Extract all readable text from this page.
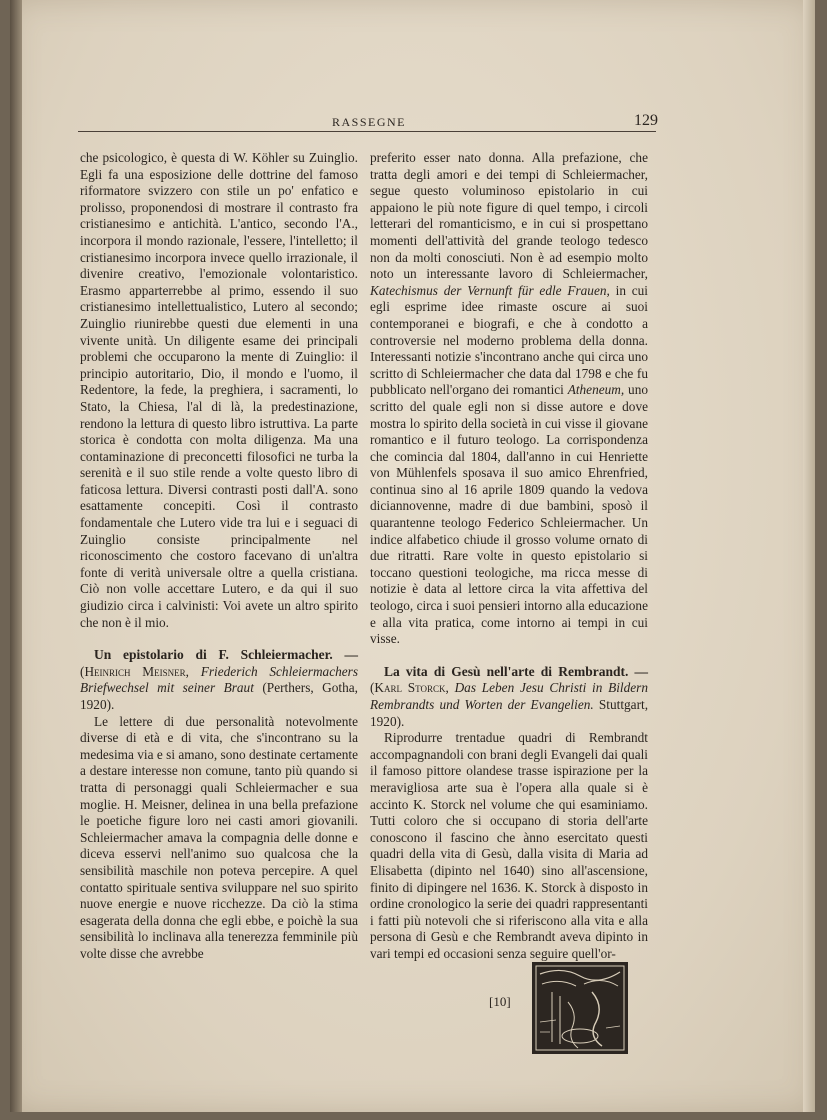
RASSEGNE	129

che psicologico, è questa di W. Köhler su Zuinglio. Egli fa una esposizione delle dottrine del famoso riformatore svizzero con stile un po' enfatico e prolisso, proponendosi di mostrare il contrasto fra cristianesimo e antichità. L'antico, secondo l'A., incorpora il mondo razionale, l'essere, l'intelletto; il cristianesimo incorpora invece quello irrazionale, il divenire creativo, l'emozionale volontaristico. Erasmo apparterrebbe al primo, essendo il suo cristianesimo intellettualistico, Lutero al secondo; Zuinglio riunirebbe questi due elementi in una vivente unità. Un diligente esame dei principali problemi che occuparono la mente di Zuinglio: il principio autoritario, Dio, il mondo e l'uomo, il Redentore, la fede, la preghiera, i sacramenti, lo Stato, la Chiesa, l'al di là, la predestinazione, rendono la lettura di questo libro istruttiva. La parte storica è condotta con molta diligenza. Ma una contaminazione di preconcetti filosofici ne turba la serenità e il suo stile rende a volte questo libro di faticosa lettura. Diversi contrasti posti dall'A. sono esattamente concepiti. Così il contrasto fondamentale che Lutero vide tra lui e i seguaci di Zuinglio consiste principalmente nel riconoscimento che costoro facevano di un'altra fonte di verità universale oltre a quella cristiana. Ciò non volle accettare Lutero, e da qui il suo giudizio circa i calvinisti: Voi avete un altro spirito che non è il mio.

Un epistolario di F. Schleiermacher. — (Heinrich Meisner, Friederich Schleiermachers Briefwechsel mit seiner Braut (Perthers, Gotha, 1920).

Le lettere di due personalità notevolmente diverse di età e di vita, che s'incontrano su la medesima via e si amano, sono destinate certamente a destare interesse non comune, tanto più quando si tratta di personaggi quali Schleiermacher e sua moglie. H. Meisner, delinea in una bella prefazione le poetiche figure loro nei casti amori giovanili. Schleiermacher amava la compagnia delle donne e diceva esservi nell'animo suo qualcosa che la sensibilità maschile non poteva percepire. A quel contatto spirituale sentiva sviluppare nel suo spirito nuove energie e nuove ricchezze. Da ciò la stima esagerata della donna che egli ebbe, e poichè la sua sensibilità lo inclinava alla tenerezza femminile più volte disse che avrebbe

preferito esser nato donna. Alla prefazione, che tratta degli amori e dei tempi di Schleiermacher, segue questo voluminoso epistolario in cui appaiono le più note figure di quel tempo, i circoli letterari del romanticismo, e in cui si prospettano momenti dell'attività del grande teologo tedesco non da molti conosciuti. Non è ad esempio molto noto un interessante lavoro di Schleiermacher, Katechismus der Vernunft für edle Frauen, in cui egli esprime idee rimaste oscure ai suoi contemporanei e biografi, e che à condotto a controversie nel moderno problema della donna. Interessanti notizie s'incontrano anche qui circa uno scritto di Schleiermacher che data dal 1798 e che fu pubblicato nell'organo dei romantici Atheneum, uno scritto del quale egli non si disse autore e dove mostra lo spirito della società in cui visse il giovane romantico e il futuro teologo. La corrispondenza che comincia dal 1804, dall'anno in cui Henriette von Mühlenfels sposava il suo amico Ehrenfried, continua sino al 16 aprile 1809 quando la vedova diciannovenne, madre di due bambini, sposò il quarantenne teologo Federico Schleiermacher. Un indice alfabetico chiude il grosso volume ornato di due ritratti. Rare volte in questo epistolario si toccano questioni teologiche, ma ricca messe di notizie è data al lettore circa la vita affettiva del teologo, circa i suoi pensieri intorno alla educazione e alla vita pratica, come intorno ai tempi in cui visse.

La vita di Gesù nell'arte di Rembrandt. — (Karl Storck, Das Leben Jesu Christi in Bildern Rembrandts und Worten der Evangelien. Stuttgart, 1920).

Riprodurre trentadue quadri di Rembrandt accompagnandoli con brani degli Evangeli dai quali il famoso pittore olandese trasse ispirazione per la meravigliosa arte sua è l'opera alla quale si è accinto K. Storck nel volume che qui esaminiamo. Tutti coloro che si occupano di storia dell'arte conoscono il fascino che ànno esercitato questi quadri della vita di Gesù, dalla visita di Maria ad Elisabetta (dipinto nel 1640) sino all'ascensione, finito di dipingere nel 1636. K. Storck à disposto in ordine cronologico la serie dei quadri rappresentanti i fatti più notevoli che si riferiscono alla vita e alla persona di Gesù e che Rembrandt aveva dipinto in vari tempi ed occasioni senza seguire quell'or-

[10]
